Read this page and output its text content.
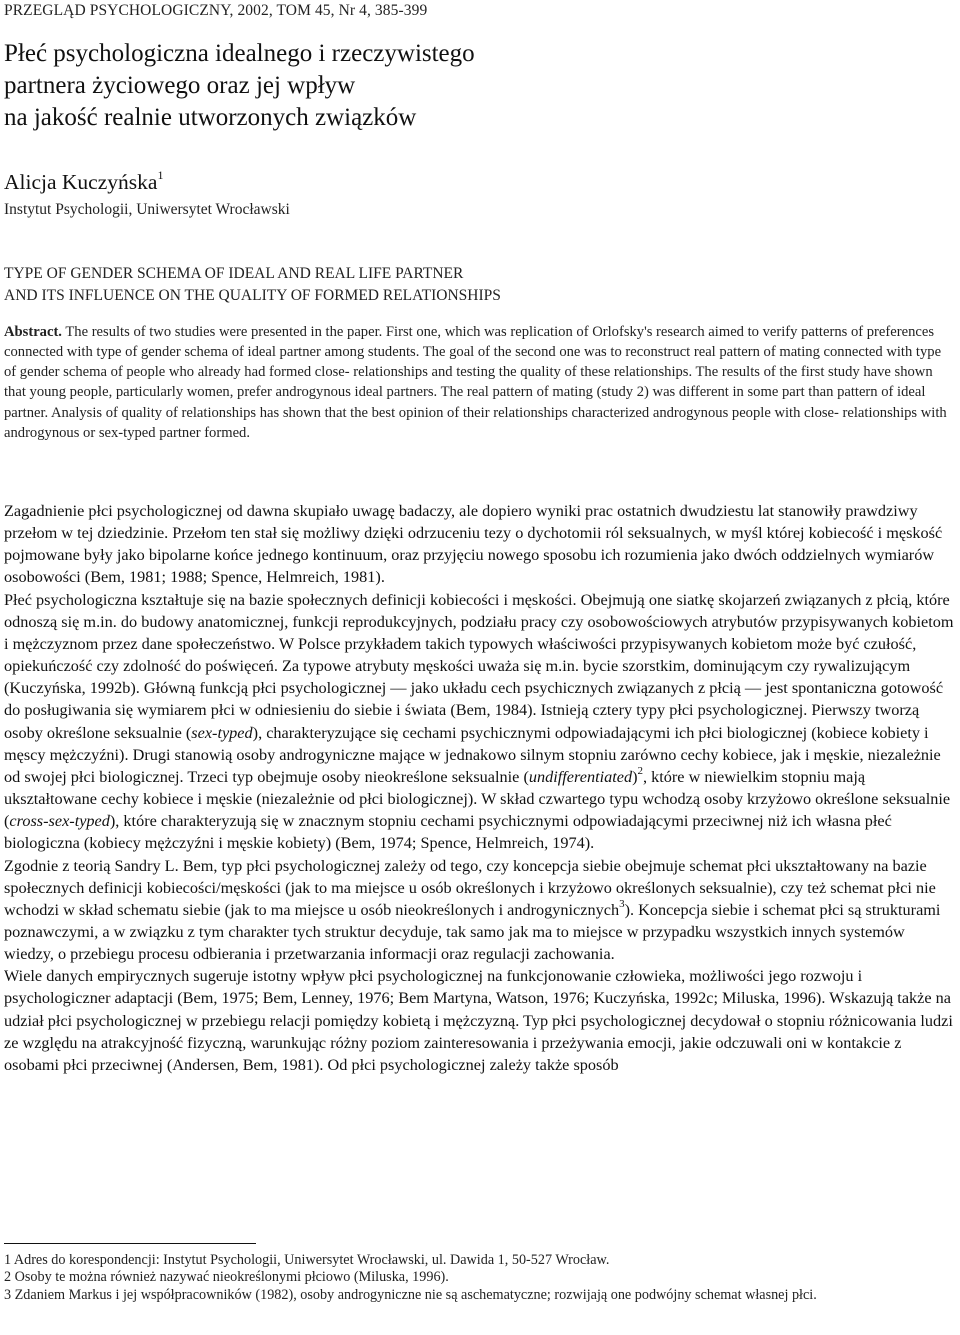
PRZEGLĄD PSYCHOLOGICZNY, 2002, TOM 45, Nr 4, 385-399
Płeć psychologiczna idealnego i rzeczywistego
partnera życiowego oraz jej wpływ
na jakość realnie utworzonych związków
Alicja Kuczyńska$^1$
Instytut Psychologii, Uniwersytet Wrocławski
TYPE OF GENDER SCHEMA OF IDEAL AND REAL LIFE PARTNER
AND ITS INFLUENCE ON THE QUALITY OF FORMED RELATIONSHIPS
Abstract. The results of two studies were presented in the paper. First one, which was replication of Orlofsky's research aimed to verify patterns of preferences connected with type of gender schema of ideal partner among students. The goal of the second one was to reconstruct real pattern of mating connected with type of gender schema of people who already had formed close- relationships and testing the quality of these relationships. The results of the first study have shown that young people, particularly women, prefer androgynous ideal partners. The real pattern of mating (study 2) was different in some part than pattern of ideal partner. Analysis of quality of relationships has shown that the best opinion of their relationships characterized androgynous people with close- relationships with androgynous or sex-typed partner formed.

Zagadnienie płci psychologicznej od dawna skupiało uwagę badaczy, ale dopiero wyniki prac ostatnich dwudziestu lat stanowiły prawdziwy przełom w tej dziedzinie. Przełom ten stał się możliwy dzięki odrzuceniu tezy o dychotomii ról seksualnych, w myśl której kobiecość i męskość pojmowane były jako bipolarne końce jednego kontinuum, oraz przyjęciu nowego sposobu ich rozumienia jako dwóch oddzielnych wymiarów osobowości (Bem, 1981; 1988; Spence, Helmreich, 1981).

Płeć psychologiczna kształtuje się na bazie społecznych definicji kobiecości i męskości. Obejmują one siatkę skojarzeń związanych z płcią, które odnoszą się m.in. do budowy anatomicznej, funkcji reprodukcyjnych, podziału pracy czy osobowościowych atrybutów przypisywanych kobietom i mężczyznom przez dane społeczeństwo. W Polsce przykładem takich typowych właściwości przypisywanych kobietom może być czułość, opiekuńczość czy zdolność do poświęceń. Za typowe atrybuty męskości uważa się m.in. bycie szorstkim, dominującym czy rywalizującym (Kuczyńska, 1992b). Główną funkcją płci psychologicznej — jako układu cech psychicznych związanych z płcią — jest spontaniczna gotowość do posługiwania się wymiarem płci w odniesieniu do siebie i świata (Bem, 1984). Istnieją cztery typy płci psychologicznej. Pierwszy tworzą osoby określone seksualnie (sex-typed), charakteryzujące się cechami psychicznymi odpowiadającymi ich płci biologicznej (kobiece kobiety i męscy mężczyźni). Drugi stanowią osoby androgyniczne mające w jednakowo silnym stopniu zarówno cechy kobiece, jak i męskie, niezależnie od swojej płci biologicznej. Trzeci typ obejmuje osoby nieokreślone seksualnie (undifferentiated)$^2$, które w niewielkim stopniu mają ukształtowane cechy kobiece i męskie (niezależnie od płci biologicznej). W skład czwartego typu wchodzą osoby krzyżowo określone seksualnie (cross-sex-typed), które charakteryzują się w znacznym stopniu cechami psychicznymi odpowiadającymi przeciwnej niż ich własna płeć biologiczna (kobiecy mężczyźni i męskie kobiety) (Bem, 1974; Spence, Helmreich, 1974).

Zgodnie z teorią Sandry L. Bem, typ płci psychologicznej zależy od tego, czy koncepcja siebie obejmuje schemat płci ukształtowany na bazie społecznych definicji kobiecości/męskości (jak to ma miejsce u osób określonych i krzyżowo określonych seksualnie), czy też schemat płci nie wchodzi w skład schematu siebie (jak to ma miejsce u osób nieokreślonych i androgynicznych$^3$). Koncepcja siebie i schemat płci są strukturami poznawczymi, a w związku z tym charakter tych struktur decyduje, tak samo jak ma to miejsce w przypadku wszystkich innych systemów wiedzy, o przebiegu procesu odbierania i przetwarzania informacji oraz regulacji zachowania.

Wiele danych empirycznych sugeruje istotny wpływ płci psychologicznej na funkcjonowanie człowieka, możliwości jego rozwoju i psychologiczner adaptacji (Bem, 1975; Bem, Lenney, 1976; Bem Martyna, Watson, 1976; Kuczyńska, 1992c; Miluska, 1996). Wskazują także na udział płci psychologicznej w przebiegu relacji pomiędzy kobietą i mężczyzną. Typ płci psychologicznej decydował o stopniu różnicowania ludzi ze względu na atrakcyjność fizyczną, warunkując różny poziom zainteresowania i przeżywania emocji, jakie odczuwali oni w kontakcie z osobami płci przeciwnej (Andersen, Bem, 1981). Od płci psychologicznej zależy także sposób

1 Adres do korespondencji: Instytut Psychologii, Uniwersytet Wrocławski, ul. Dawida 1, 50-527 Wrocław.
2 Osoby te można również nazywać nieokreślonymi płciowo (Miluska, 1996).
3 Zdaniem Markus i jej współpracowników (1982), osoby androgyniczne nie są aschematyczne; rozwijają one podwójny schemat własnej płci.
